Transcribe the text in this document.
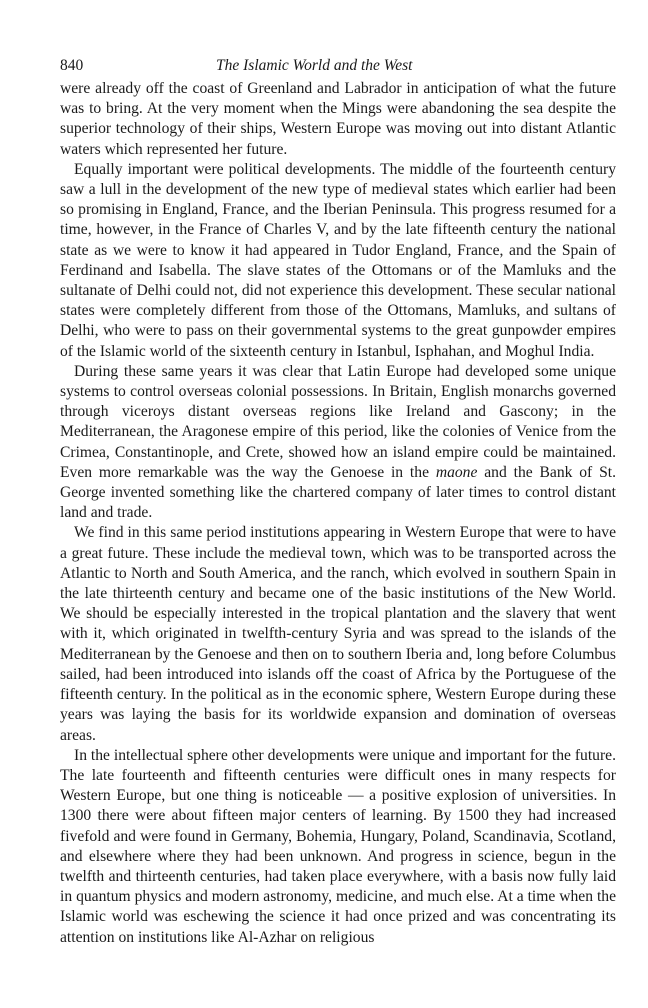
840	The Islamic World and the West

were already off the coast of Greenland and Labrador in anticipation of what the future was to bring. At the very moment when the Mings were abandoning the sea despite the superior technology of their ships, Western Europe was moving out into distant Atlantic waters which represented her future.

Equally important were political developments. The middle of the fourteenth century saw a lull in the development of the new type of medieval states which earlier had been so promising in England, France, and the Iberian Peninsula. This progress resumed for a time, however, in the France of Charles V, and by the late fifteenth century the national state as we were to know it had appeared in Tudor England, France, and the Spain of Ferdinand and Isabella. The slave states of the Ottomans or of the Mamluks and the sultanate of Delhi could not, did not experience this development. These secular national states were completely different from those of the Ottomans, Mamluks, and sultans of Delhi, who were to pass on their governmental systems to the great gunpowder empires of the Islamic world of the sixteenth century in Istanbul, Isphahan, and Moghul India.

During these same years it was clear that Latin Europe had developed some unique systems to control overseas colonial possessions. In Britain, English monarchs governed through viceroys distant overseas regions like Ireland and Gascony; in the Mediterranean, the Aragonese empire of this period, like the colonies of Venice from the Crimea, Constantinople, and Crete, showed how an island empire could be maintained. Even more remarkable was the way the Genoese in the maone and the Bank of St. George invented something like the chartered company of later times to control distant land and trade.

We find in this same period institutions appearing in Western Europe that were to have a great future. These include the medieval town, which was to be transported across the Atlantic to North and South America, and the ranch, which evolved in southern Spain in the late thirteenth century and became one of the basic institutions of the New World. We should be especially interested in the tropical plantation and the slavery that went with it, which originated in twelfth-century Syria and was spread to the islands of the Mediterranean by the Genoese and then on to southern Iberia and, long before Columbus sailed, had been introduced into islands off the coast of Africa by the Portuguese of the fifteenth century. In the political as in the economic sphere, Western Europe during these years was laying the basis for its worldwide expansion and domination of overseas areas.

In the intellectual sphere other developments were unique and important for the future. The late fourteenth and fifteenth centuries were difficult ones in many respects for Western Europe, but one thing is noticeable — a positive explosion of universities. In 1300 there were about fifteen major centers of learning. By 1500 they had increased fivefold and were found in Germany, Bohemia, Hungary, Poland, Scandinavia, Scotland, and elsewhere where they had been unknown. And progress in science, begun in the twelfth and thirteenth centuries, had taken place everywhere, with a basis now fully laid in quantum physics and modern astronomy, medicine, and much else. At a time when the Islamic world was eschewing the science it had once prized and was concentrating its attention on institutions like Al-Azhar on religious
